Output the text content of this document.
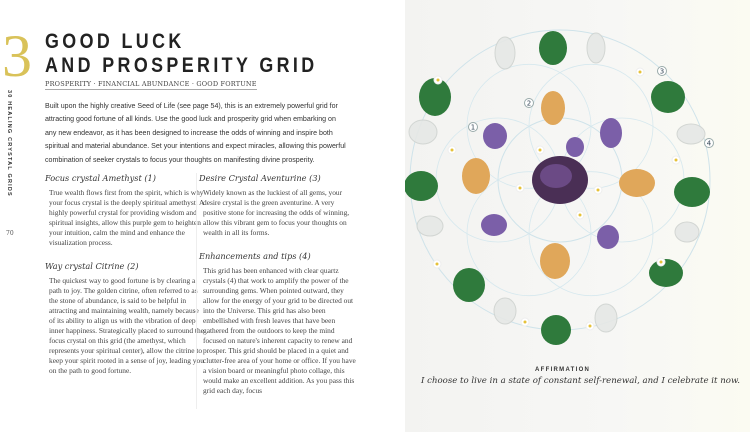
3 GOOD LUCK
AND PROSPERITY GRID
PROSPERITY · FINANCIAL ABUNDANCE · GOOD FORTUNE
30 HEALING CRYSTAL GRIDS
70
Built upon the highly creative Seed of Life (see page 54), this is an extremely powerful grid for attracting good fortune of all kinds. Use the good luck and prosperity grid when embarking on any new endeavor, as it has been designed to increase the odds of winning and inspire both spiritual and material abundance. Set your intentions and expect miracles, allowing this powerful combination of seeker crystals to focus your thoughts on manifesting divine prosperity.
Focus crystal Amethyst (1)

True wealth flows first from the spirit, which is why your focus crystal is the deeply spiritual amethyst. A highly powerful crystal for providing wisdom and spiritual insights, allow this purple gem to heighten your intuition, calm the mind and enhance the visualization process.

Way crystal Citrine (2)

The quickest way to good fortune is by clearing a path to joy. The golden citrine, often referred to as the stone of abundance, is said to be helpful in attracting and maintaining wealth, namely because of its ability to align us with the vibration of deep inner happiness. Strategically placed to surround the focus crystal on this grid (the amethyst, which represents your spiritual center), allow the citrine to keep your spirit rooted in a sense of joy, leading you on the path to good fortune.

Desire Crystal Aventurine (3)

Widely known as the luckiest of all gems, your desire crystal is the green aventurine. A very positive stone for increasing the odds of winning, allow this vibrant gem to focus your thoughts on wealth in all its forms.

Enhancements and tips (4)

This grid has been enhanced with clear quartz crystals (4) that work to amplify the power of the surrounding gems. When pointed outward, they allow for the energy of your grid to be directed out into the Universe. This grid has also been embellished with fresh leaves that have been gathered from the outdoors to keep the mind focused on nature's inherent capacity to renew and prosper. This grid should be placed in a quiet and clutter-free area of your home or office. If you have a vision board or meaningful photo collage, this would make an excellent addition. As you pass this grid each day, focus

1
2
3
4
AFFIRMATION
I choose to live in a state of constant self-renewal, and I celebrate it now.
